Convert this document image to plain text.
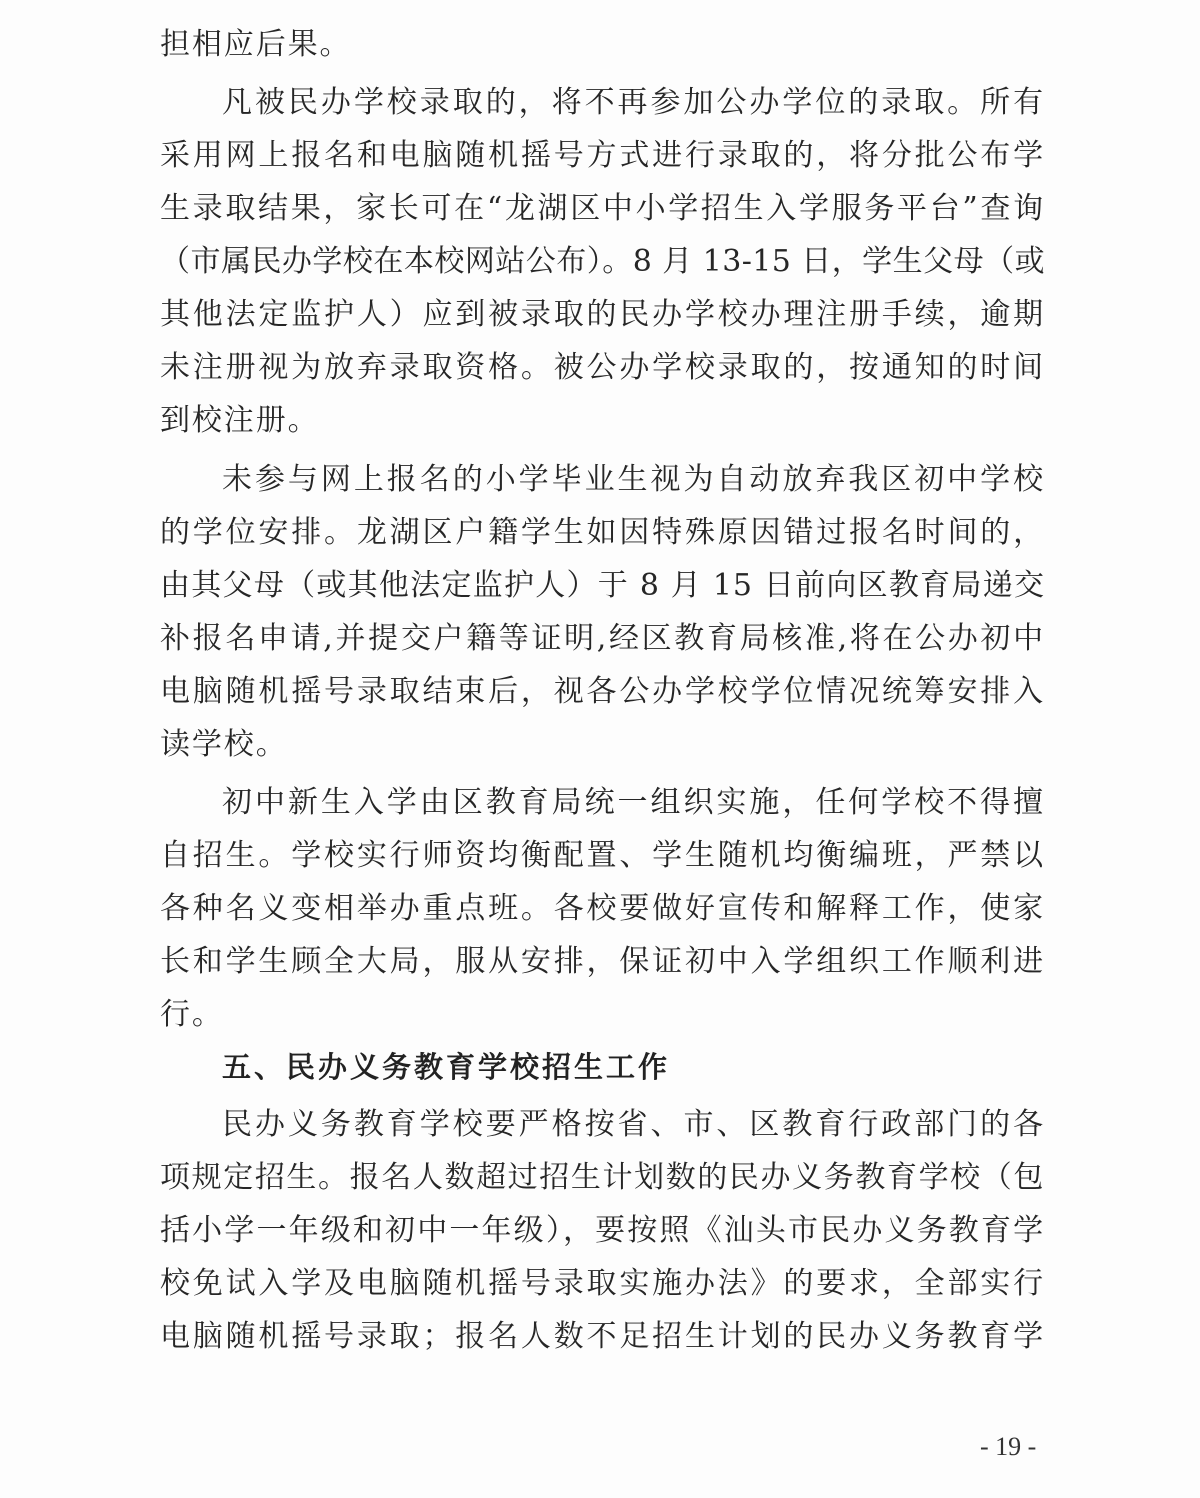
担相应后果。
凡被民办学校录取的，将不再参加公办学位的录取。所有
采用网上报名和电脑随机摇号方式进行录取的，将分批公布学
生录取结果，家长可在“龙湖区中小学招生入学服务平台”查询
（市属民办学校在本校网站公布）。8 月 13-15 日，学生父母（或
其他法定监护人）应到被录取的民办学校办理注册手续，逾期
未注册视为放弃录取资格。被公办学校录取的，按通知的时间
到校注册。
未参与网上报名的小学毕业生视为自动放弃我区初中学校
的学位安排。龙湖区户籍学生如因特殊原因错过报名时间的，
由其父母（或其他法定监护人）于 8 月 15 日前向区教育局递交
补报名申请,并提交户籍等证明,经区教育局核准,将在公办初中
电脑随机摇号录取结束后，视各公办学校学位情况统筹安排入
读学校。
初中新生入学由区教育局统一组织实施，任何学校不得擅
自招生。学校实行师资均衡配置、学生随机均衡编班，严禁以
各种名义变相举办重点班。各校要做好宣传和解释工作，使家
长和学生顾全大局，服从安排，保证初中入学组织工作顺利进
行。
五、民办义务教育学校招生工作
民办义务教育学校要严格按省、市、区教育行政部门的各
项规定招生。报名人数超过招生计划数的民办义务教育学校（包
括小学一年级和初中一年级），要按照《汕头市民办义务教育学
校免试入学及电脑随机摇号录取实施办法》的要求，全部实行
电脑随机摇号录取；报名人数不足招生计划的民办义务教育学
- 19 -
